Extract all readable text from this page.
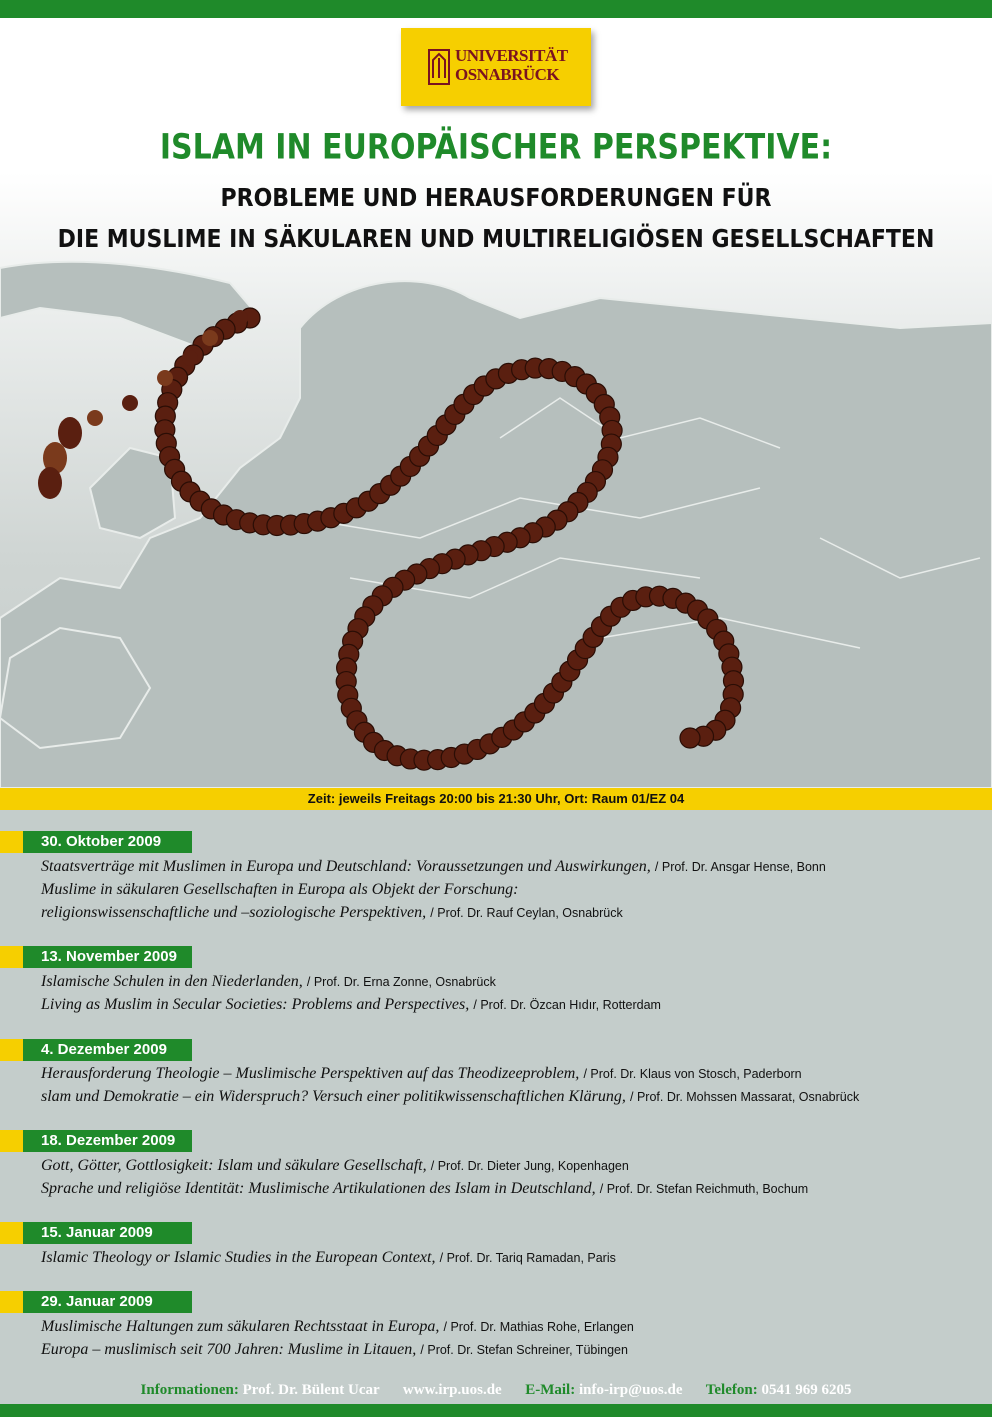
UNIVERSITÄT
OSNABRÜCK
ISLAM IN EUROPÄISCHER PERSPEKTIVE:
PROBLEME UND HERAUSFORDERUNGEN FÜR
DIE MUSLIME IN SÄKULAREN UND MULTIRELIGIÖSEN GESELLSCHAFTEN
Zeit: jeweils Freitags 20:00 bis 21:30 Uhr, Ort: Raum 01/EZ 04
30. Oktober 2009
Staatsverträge mit Muslimen in Europa und Deutschland: Voraussetzungen und Auswirkungen, / Prof. Dr. Ansgar Hense, Bonn
Muslime in säkularen Gesellschaften in Europa als Objekt der Forschung:
religionswissenschaftliche und –soziologische Perspektiven, / Prof. Dr. Rauf Ceylan, Osnabrück
13. November 2009
Islamische Schulen in den Niederlanden, / Prof. Dr. Erna Zonne, Osnabrück
Living as Muslim in Secular Societies: Problems and Perspectives, / Prof. Dr. Özcan Hıdır, Rotterdam
4. Dezember 2009
Herausforderung Theologie – Muslimische Perspektiven auf das Theodizeeproblem, / Prof. Dr. Klaus von Stosch, Paderborn
slam und Demokratie – ein Widerspruch? Versuch einer politikwissenschaftlichen Klärung, / Prof. Dr. Mohssen Massarat, Osnabrück
18. Dezember 2009
Gott, Götter, Gottlosigkeit: Islam und säkulare Gesellschaft, / Prof. Dr. Dieter Jung, Kopenhagen
Sprache und religiöse Identität: Muslimische Artikulationen des Islam in Deutschland, / Prof. Dr. Stefan Reichmuth, Bochum
15. Januar 2009
Islamic Theology or Islamic Studies in the European Context, / Prof. Dr. Tariq Ramadan, Paris
29. Januar 2009
Muslimische Haltungen zum säkularen Rechtsstaat in Europa, / Prof. Dr. Mathias Rohe, Erlangen
Europa – muslimisch seit 700 Jahren: Muslime in Litauen, / Prof. Dr. Stefan Schreiner, Tübingen
Informationen: Prof. Dr. Bülent Ucar www.irp.uos.de E-Mail: info-irp@uos.de Telefon: 0541 969 6205
